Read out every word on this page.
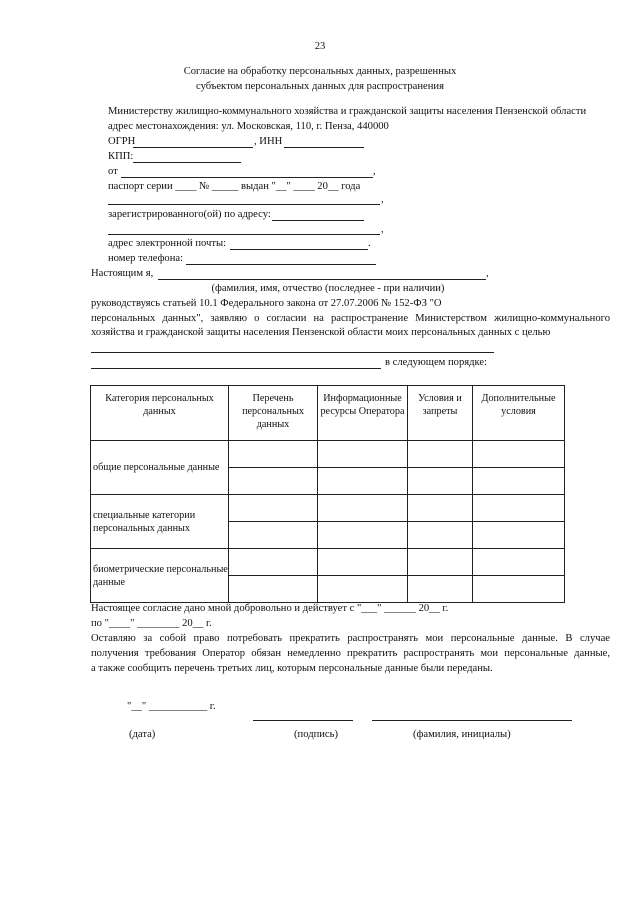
23
Согласие на обработку персональных данных, разрешенных
субъектом персональных данных для распространения
Министерству жилищно-коммунального хозяйства и гражданской защиты населения Пензенской области
адрес местонахождения: ул. Московская, 110, г. Пенза, 440000
ОГРН	, ИНН
КПП:
от	,
паспорт серии ____ № _____ выдан "__" ____ 20__ года
,
зарегистрированного(ой) по адресу:
,
адрес электронной почты:	.
номер телефона:
Настоящим я,	,
(фамилия, имя, отчество (последнее - при наличии)
руководствуясь статьей 10.1 Федерального закона от 27.07.2006 № 152-ФЗ "О
персональных данных", заявляю о согласии на распространение Министерством жилищно-коммунального
хозяйства и гражданской защиты населения Пензенской области моих персональных данных с целью
в следующем порядке:
Категория персональных данных	Перечень персональных данных	Информационные ресурсы Оператора	Условия и запреты	Дополнительные условия
общие персональные данные				

специальные категории персональных данных				

биометрические персональные данные				

Настоящее согласие дано мной добровольно и действует с "___" ______ 20__ г.
по "____" ________ 20__ г.
Оставляю за собой право потребовать прекратить распространять мои персональные данные. В случае
получения требования Оператор обязан немедленно прекратить распространять мои персональные данные,
а также сообщить перечень третьих лиц, которым персональные данные были переданы.
"__" ___________ г.
(дата)	(подпись)	(фамилия, инициалы)
